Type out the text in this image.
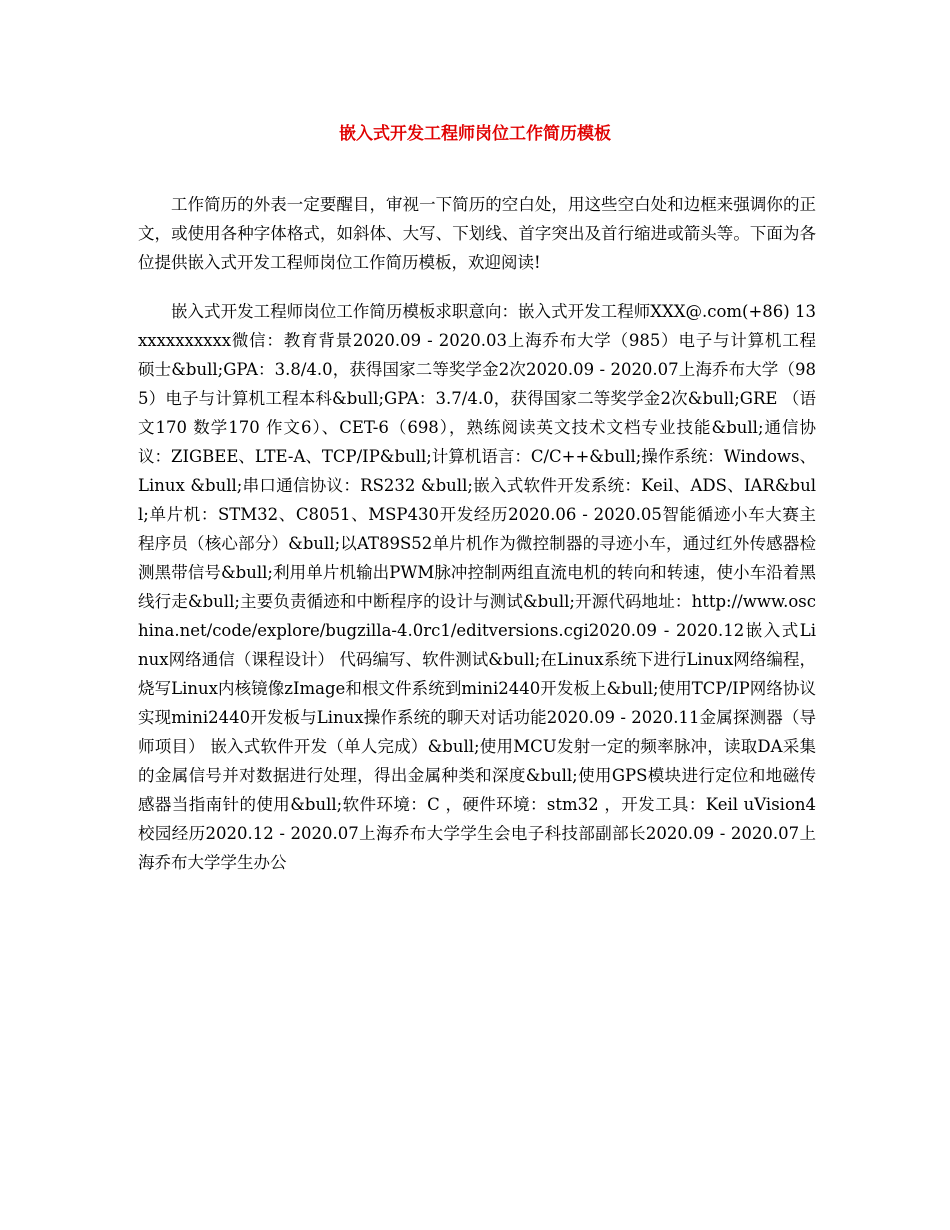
嵌入式开发工程师岗位工作简历模板

工作简历的外表一定要醒目，审视一下简历的空白处，用这些空白处和边框来强调你的正文，或使用各种字体格式，如斜体、大写、下划线、首字突出及首行缩进或箭头等。下面为各位提供嵌入式开发工程师岗位工作简历模板，欢迎阅读!

嵌入式开发工程师岗位工作简历模板求职意向：嵌入式开发工程师XXX@.com(+86) 13xxxxxxxxxx微信：教育背景2020.09 - 2020.03上海乔布大学（985）电子与计算机工程 硕士&bull;GPA：3.8/4.0，获得国家二等奖学金2次2020.09 - 2020.07上海乔布大学（985）电子与计算机工程本科&bull;GPA：3.7/4.0，获得国家二等奖学金2次&bull;GRE （语文170 数学170 作文6）、CET-6（698），熟练阅读英文技术文档专业技能&bull;通信协议：ZIGBEE、LTE-A、TCP/IP&bull;计算机语言：C/C++&bull;操作系统：Windows、Linux &bull;串口通信协议：RS232 &bull;嵌入式软件开发系统：Keil、ADS、IAR&bull;单片机：STM32、C8051、MSP430开发经历2020.06 - 2020.05智能循迹小车大赛主程序员（核心部分）&bull;以AT89S52单片机作为微控制器的寻迹小车，通过红外传感器检测黑带信号&bull;利用单片机输出PWM脉冲控制两组直流电机的转向和转速，使小车沿着黑线行走&bull;主要负责循迹和中断程序的设计与测试&bull;开源代码地址：http://www.oschina.net/code/explore/bugzilla-4.0rc1/editversions.cgi2020.09 - 2020.12嵌入式Linux网络通信（课程设计） 代码编写、软件测试&bull;在Linux系统下进行Linux网络编程，烧写Linux内核镜像zImage和根文件系统到mini2440开发板上&bull;使用TCP/IP网络协议实现mini2440开发板与Linux操作系统的聊天对话功能2020.09 - 2020.11金属探测器（导师项目） 嵌入式软件开发（单人完成）&bull;使用MCU发射一定的频率脉冲，读取DA采集的金属信号并对数据进行处理，得出金属种类和深度&bull;使用GPS模块进行定位和地磁传感器当指南针的使用&bull;软件环境：C ，硬件环境：stm32 ，开发工具：Keil uVision4校园经历2020.12 - 2020.07上海乔布大学学生会电子科技部副部长2020.09 - 2020.07上海乔布大学学生办公
